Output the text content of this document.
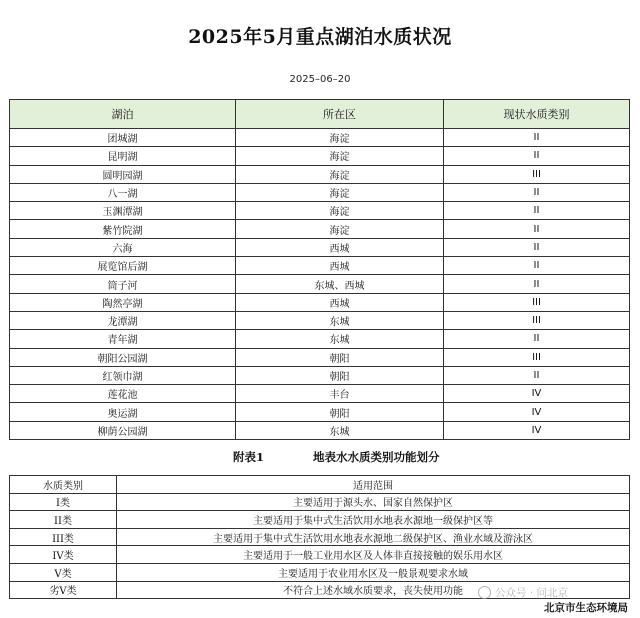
2025年5月重点湖泊水质状况
2025–06–20
湖泊	所在区	现状水质类别
团城湖	海淀	II
昆明湖	海淀	II
圆明园湖	海淀	III
八一湖	海淀	II
玉渊潭湖	海淀	II
紫竹院湖	海淀	II
六海	西城	II
展览馆后湖	西城	II
筒子河	东城、西城	II
陶然亭湖	西城	III
龙潭湖	东城	III
青年湖	东城	II
朝阳公园湖	朝阳	III
红领巾湖	朝阳	II
莲花池	丰台	IV
奥运湖	朝阳	IV
柳荫公园湖	东城	IV
附表1	地表水水质类别功能划分
水质类别	适用范围
I类	主要适用于源头水、国家自然保护区
II类	主要适用于集中式生活饮用水地表水源地一级保护区等
III类	主要适用于集中式生活饮用水地表水源地二级保护区、渔业水域及游泳区
IV类	主要适用于一般工业用水区及人体非直接接触的娱乐用水区
V类	主要适用于农业用水区及一般景观要求水域
劣V类	不符合上述水域水质要求，丧失使用功能	公众号 · 问北京
北京市生态环境局
